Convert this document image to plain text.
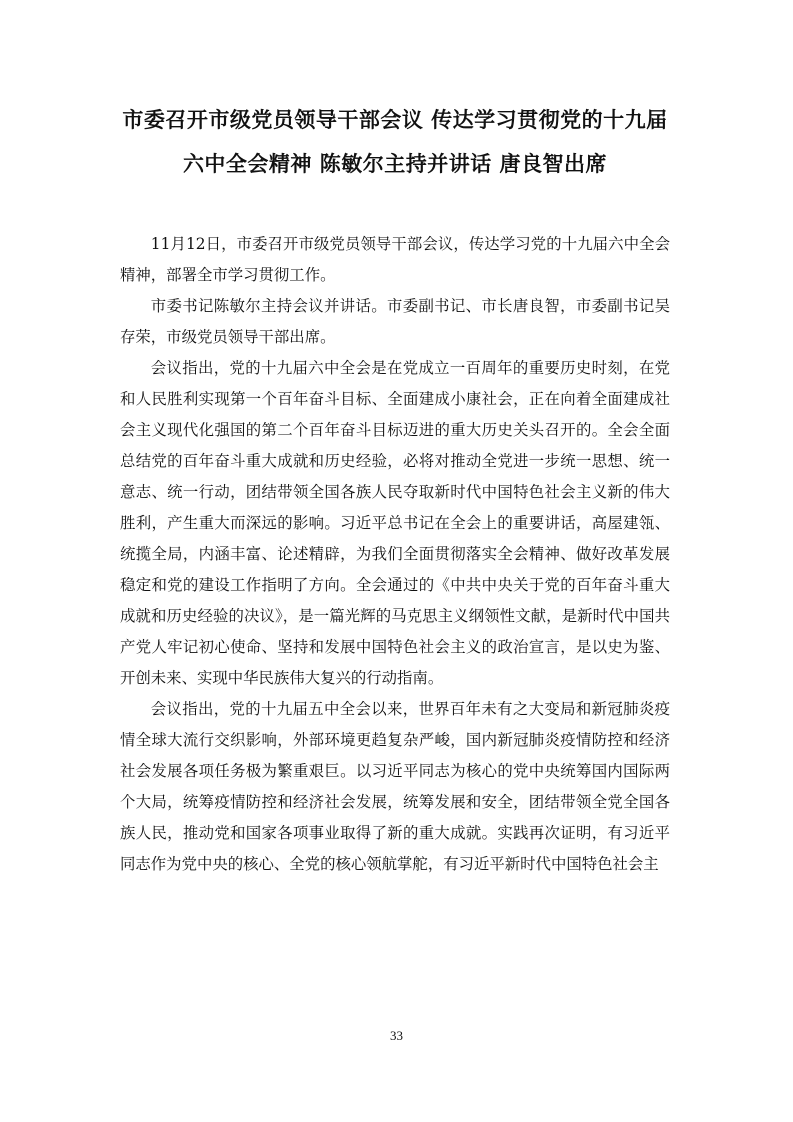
市委召开市级党员领导干部会议 传达学习贯彻党的十九届
六中全会精神 陈敏尔主持并讲话 唐良智出席

11月12日，市委召开市级党员领导干部会议，传达学习党的十九届六中全会精神，部署全市学习贯彻工作。

市委书记陈敏尔主持会议并讲话。市委副书记、市长唐良智，市委副书记吴存荣，市级党员领导干部出席。

会议指出，党的十九届六中全会是在党成立一百周年的重要历史时刻，在党和人民胜利实现第一个百年奋斗目标、全面建成小康社会，正在向着全面建成社会主义现代化强国的第二个百年奋斗目标迈进的重大历史关头召开的。全会全面总结党的百年奋斗重大成就和历史经验，必将对推动全党进一步统一思想、统一意志、统一行动，团结带领全国各族人民夺取新时代中国特色社会主义新的伟大胜利，产生重大而深远的影响。习近平总书记在全会上的重要讲话，高屋建瓴、统揽全局，内涵丰富、论述精辟，为我们全面贯彻落实全会精神、做好改革发展稳定和党的建设工作指明了方向。全会通过的《中共中央关于党的百年奋斗重大成就和历史经验的决议》，是一篇光辉的马克思主义纲领性文献，是新时代中国共产党人牢记初心使命、坚持和发展中国特色社会主义的政治宣言，是以史为鉴、开创未来、实现中华民族伟大复兴的行动指南。

会议指出，党的十九届五中全会以来，世界百年未有之大变局和新冠肺炎疫情全球大流行交织影响，外部环境更趋复杂严峻，国内新冠肺炎疫情防控和经济社会发展各项任务极为繁重艰巨。以习近平同志为核心的党中央统筹国内国际两个大局，统筹疫情防控和经济社会发展，统筹发展和安全，团结带领全党全国各族人民，推动党和国家各项事业取得了新的重大成就。实践再次证明，有习近平同志作为党中央的核心、全党的核心领航掌舵，有习近平新时代中国特色社会主

33
